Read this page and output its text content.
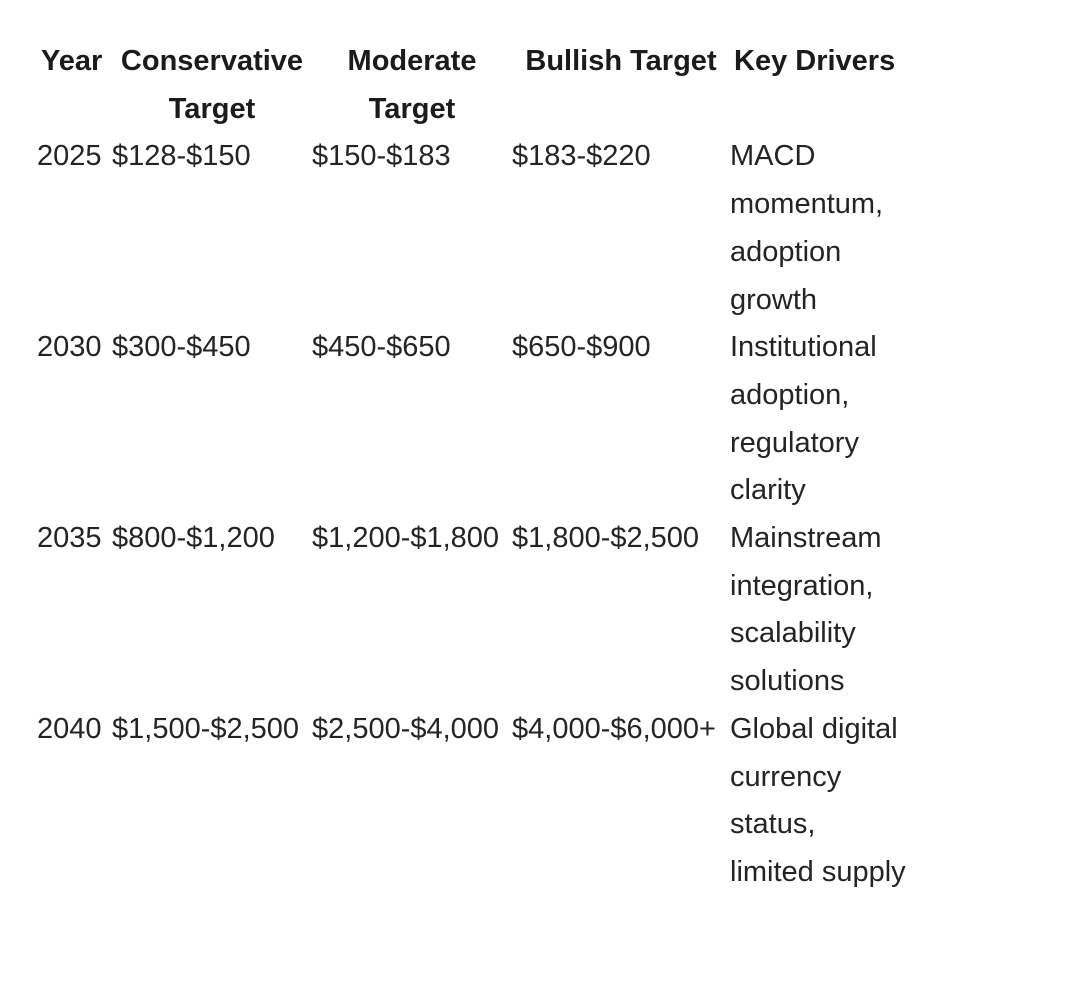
Year	Conservative Target	Moderate Target	Bullish Target	Key Drivers
2025	$128-$150	$150-$183	$183-$220	MACD momentum, adoption growth
2030	$300-$450	$450-$650	$650-$900	Institutional adoption, regulatory clarity
2035	$800-$1,200	$1,200-$1,800	$1,800-$2,500	Mainstream integration, scalability solutions
2040	$1,500-$2,500	$2,500-$4,000	$4,000-$6,000+	Global digital currency status, limited supply
